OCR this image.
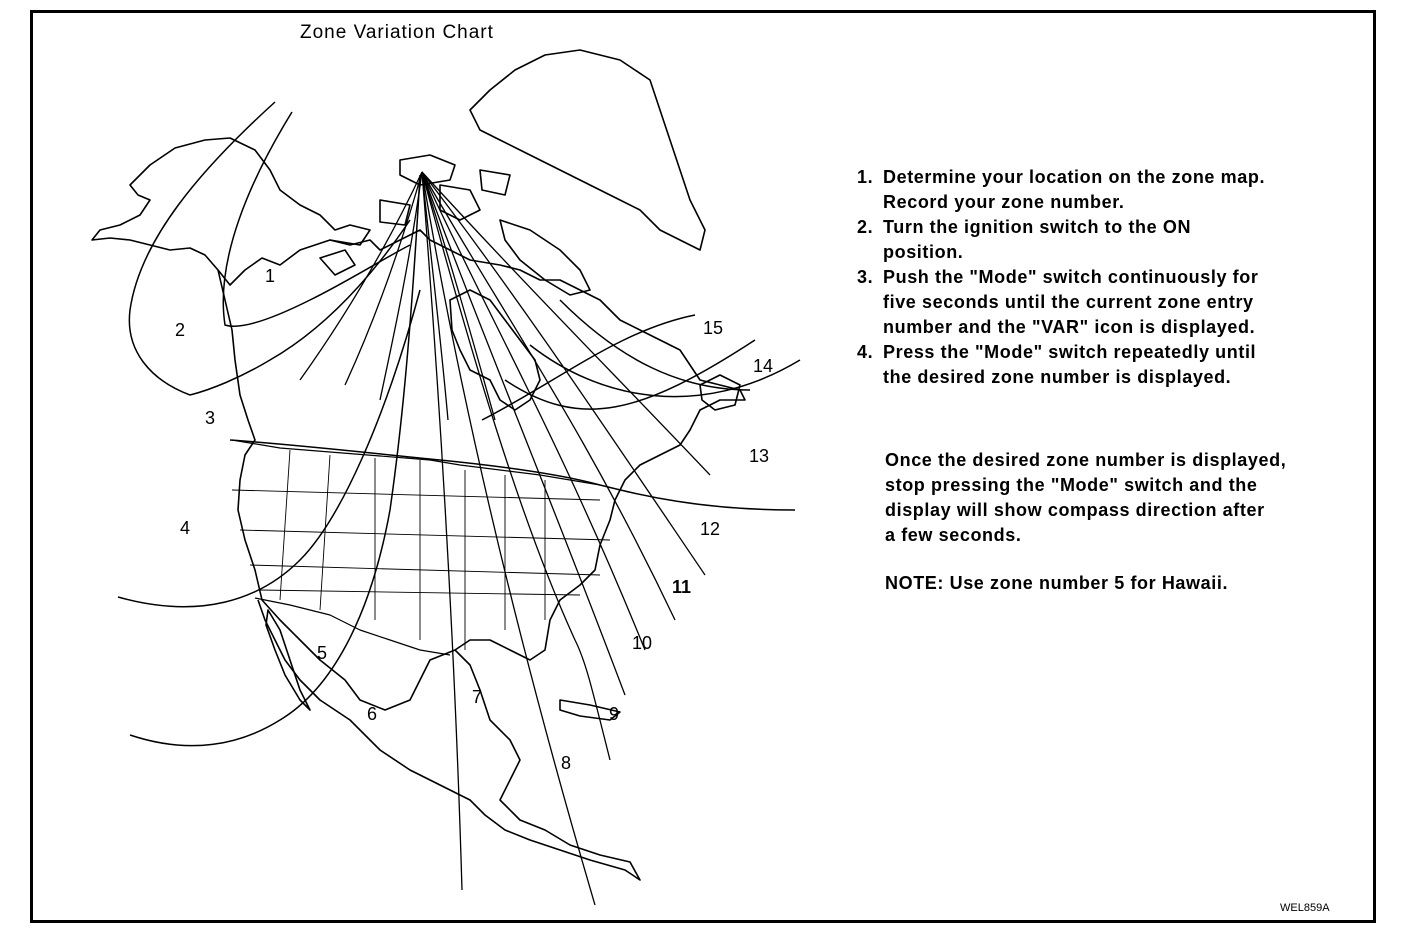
Zone Variation Chart
1
2
3
4
5
6
7
8
9
10
11
12
13
14
15
1. Determine your location on the zone map.
Record your zone number.
2. Turn the ignition switch to the ON
position.
3. Push the "Mode" switch continuously for
five seconds until the current zone entry
number and the "VAR" icon is displayed.
4. Press the "Mode" switch repeatedly until
the desired zone number is displayed.
Once the desired zone number is displayed,
stop pressing the "Mode" switch and the
display will show compass direction after
a few seconds.
NOTE: Use zone number 5 for Hawaii.
WEL859A
